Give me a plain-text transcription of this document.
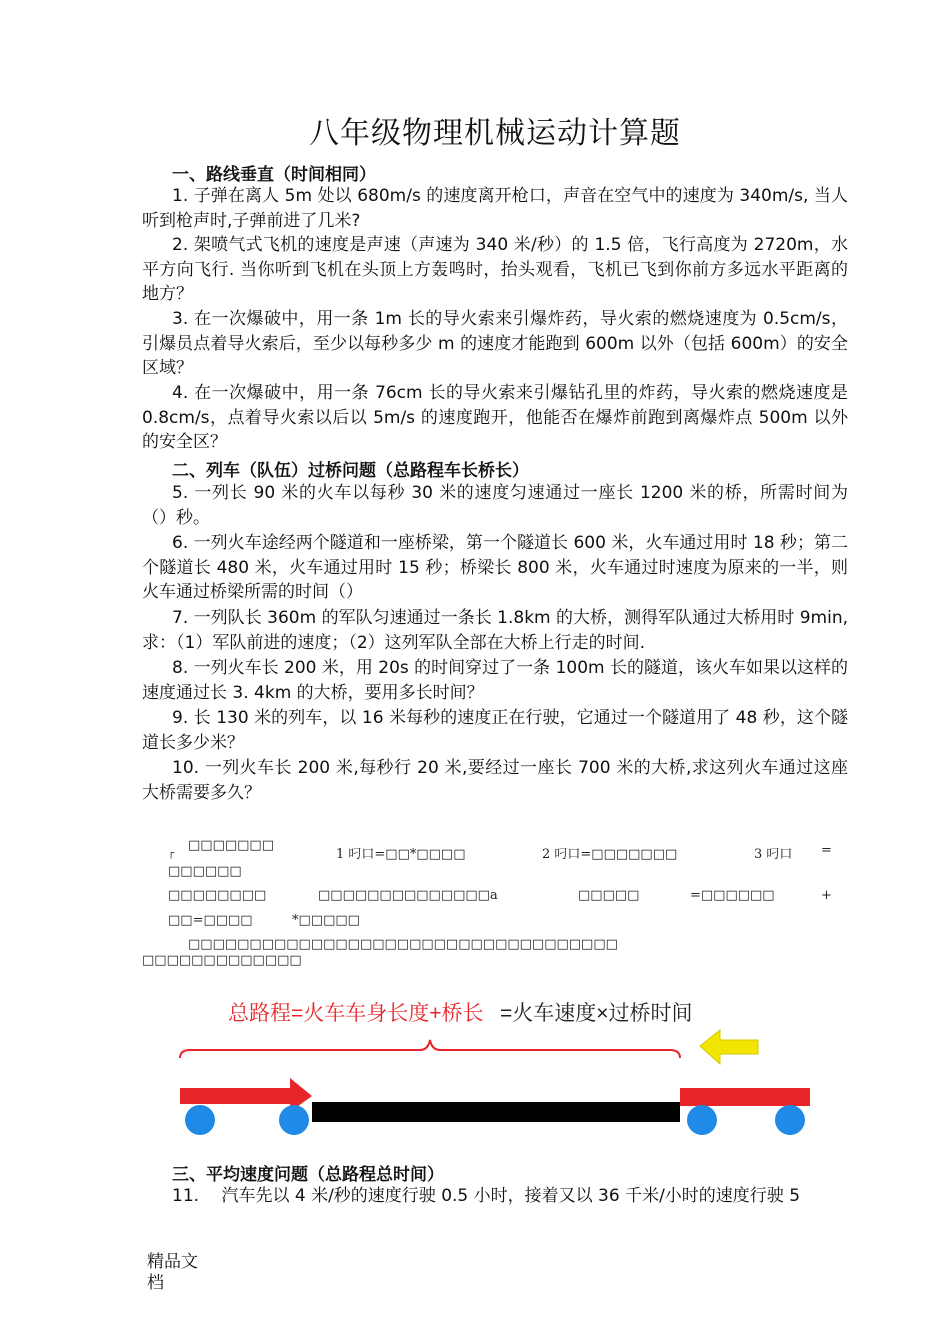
八年级物理机械运动计算题
一、路线垂直（时间相同）
1. 子弹在离人 5m 处以 680m/s 的速度离开枪口，声音在空气中的速度为 340m/s, 当人听到枪声时,子弹前进了几米?
2. 架喷气式飞机的速度是声速（声速为 340 米/秒）的 1.5 倍，飞行高度为 2720m，水平方向飞行. 当你听到飞机在头顶上方轰鸣时，抬头观看，飞机已飞到你前方多远水平距离的地方？
3. 在一次爆破中，用一条 1m 长的导火索来引爆炸药，导火索的燃烧速度为 0.5cm/s，引爆员点着导火索后，至少以每秒多少 m 的速度才能跑到 600m 以外（包括 600m）的安全区域？
4. 在一次爆破中，用一条 76cm 长的导火索来引爆钻孔里的炸药，导火索的燃烧速度是 0.8cm/s，点着导火索以后以 5m/s 的速度跑开，他能否在爆炸前跑到离爆炸点 500m 以外的安全区？
二、列车（队伍）过桥问题（总路程车长桥长）
5. 一列长 90 米的火车以每秒 30 米的速度匀速通过一座长 1200 米的桥，所需时间为（）秒。
6. 一列火车途经两个隧道和一座桥梁，第一个隧道长 600 米，火车通过用时 18 秒；第二个隧道长 480 米，火车通过用时 15 秒；桥梁长 800 米，火车通过时速度为原来的一半，则火车通过桥梁所需的时间（）
7. 一列队长 360m 的军队匀速通过一条长 1.8km 的大桥，测得军队通过大桥用时 9min, 求：（1）军队前进的速度；（2）这列军队全部在大桥上行走的时间.
8. 一列火车长 200 米，用 20s 的时间穿过了一条 100m 长的隧道，该火车如果以这样的速度通过长 3. 4km 的大桥，要用多长时间？
9. 长 130 米的列车，以 16 米每秒的速度正在行驶，它通过一个隧道用了 48 秒，这个隧道长多少米？
10. 一列火车长 200 米,每秒行 20 米,要经过一座长 700 米的大桥,求这列火车通过这座大桥需要多久？
□□□□□□□
1 叼口=□□*□□□□	2 叼口=□□□□□□□	3 叼口 =
┌
□□□□□□
□□□□□□□□	□□□□□□□□□□□□□□a	□□□□□	=□□□□□□	+
□□=□□□□	*□□□□□
□□□□□□□□□□□□□□□□□□□□□□□□□□□□□□□□□□□
□□□□□□□□□□□□□
总路程=火车车身长度+桥长 =火车速度×过桥时间
三、平均速度问题（总路程总时间）
11.　 汽车先以 4 米/秒的速度行驶 0.5 小时，接着又以 36 千米/小时的速度行驶 5
精品文档
